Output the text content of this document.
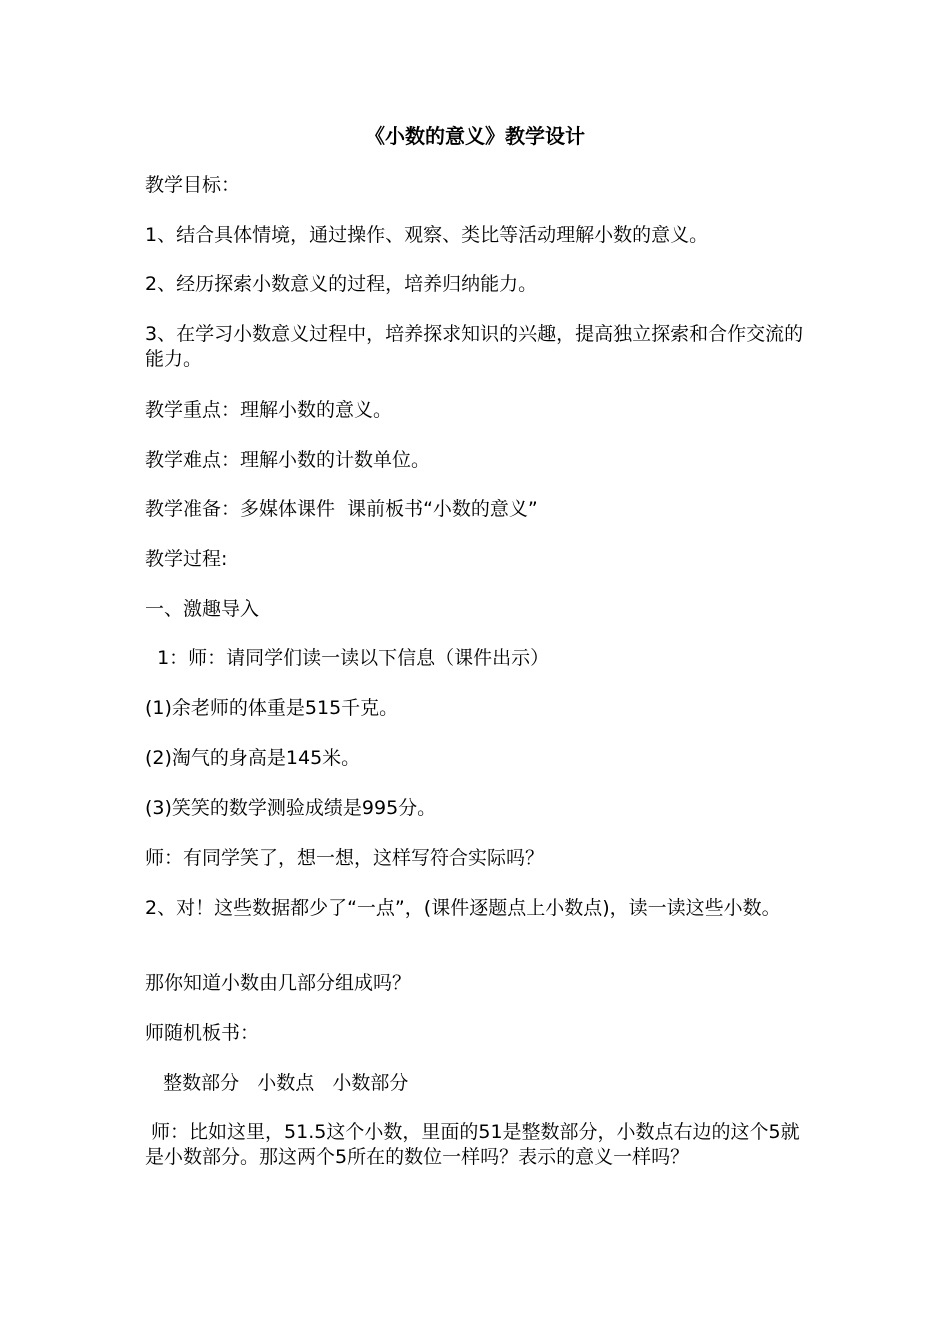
《小数的意义》教学设计

教学目标：

1、结合具体情境，通过操作、观察、类比等活动理解小数的意义。

2、经历探索小数意义的过程，培养归纳能力。

3、在学习小数意义过程中，培养探求知识的兴趣，提高独立探索和合作交流的能力。

教学重点：理解小数的意义。

教学难点：理解小数的计数单位。

教学准备：多媒体课件  课前板书“小数的意义”

教学过程:

一、激趣导入

1：师：请同学们读一读以下信息（课件出示）

(1)余老师的体重是515千克。

(2)淘气的身高是145米。

(3)笑笑的数学测验成绩是995分。

师：有同学笑了，想一想，这样写符合实际吗？

2、对！这些数据都少了“一点”，(课件逐题点上小数点)，读一读这些小数。

那你知道小数由几部分组成吗？

师随机板书：

整数部分   小数点   小数部分

师：比如这里，51.5这个小数，里面的51是整数部分，小数点右边的这个5就是小数部分。那这两个5所在的数位一样吗？表示的意义一样吗？
